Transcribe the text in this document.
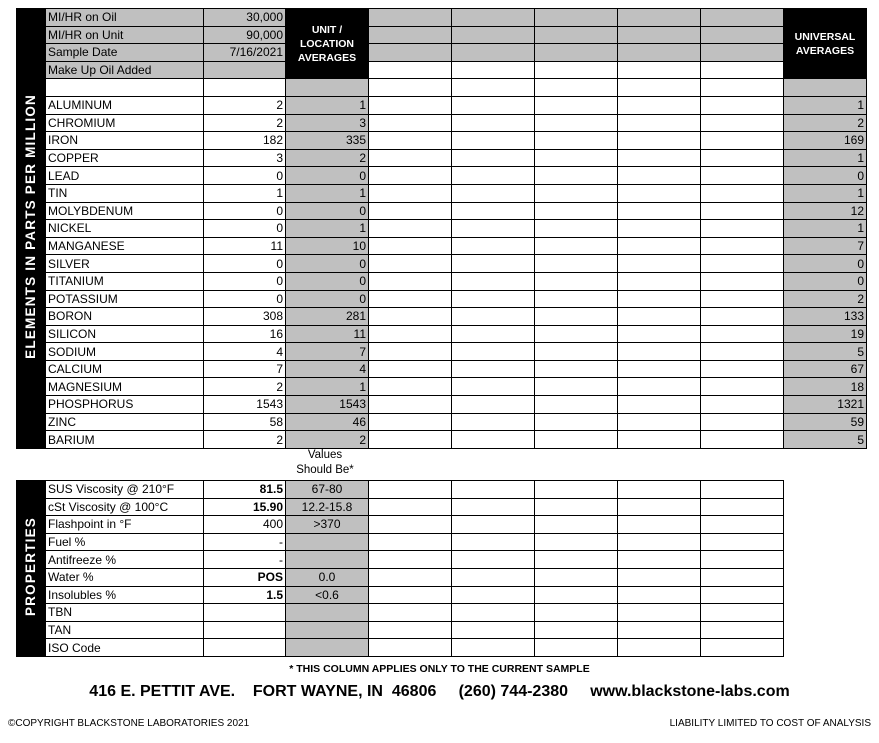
ELEMENTS IN PARTS PER MILLION	MI/HR on Oil	30,000	UNIT / LOCATION AVERAGES						UNIVERSAL AVERAGES
	MI/HR on Unit	90,000							
	Sample Date	7/16/2021							
	Make Up Oil Added								

	ALUMINUM	2	1						1
	CHROMIUM	2	3						2
	IRON	182	335						169
	COPPER	3	2						1
	LEAD	0	0						0
	TIN	1	1						1
	MOLYBDENUM	0	0						12
	NICKEL	0	1						1
	MANGANESE	11	10						7
	SILVER	0	0						0
	TITANIUM	0	0						0
	POTASSIUM	0	0						2
	BORON	308	281						133
	SILICON	16	11						19
	SODIUM	4	7						5
	CALCIUM	7	4						67
	MAGNESIUM	2	1						18
	PHOSPHORUS	1543	1543						1321
	ZINC	58	46						59
	BARIUM	2	2						5
Values
Should Be*
PROPERTIES	SUS Viscosity @ 210°F	81.5	67-80					
	cSt Viscosity @ 100°C	15.90	12.2-15.8					
	Flashpoint in °F	400	>370					
	Fuel %	-						
	Antifreeze %	-						
	Water %	POS	0.0					
	Insolubles %	1.5	<0.6					
	TBN							
	TAN							
	ISO Code							
* THIS COLUMN APPLIES ONLY TO THE CURRENT SAMPLE
416 E. PETTIT AVE.    FORT WAYNE, IN  46806     (260) 744-2380     www.blackstone-labs.com
©COPYRIGHT BLACKSTONE LABORATORIES 2021	LIABILITY LIMITED TO COST OF ANALYSIS
